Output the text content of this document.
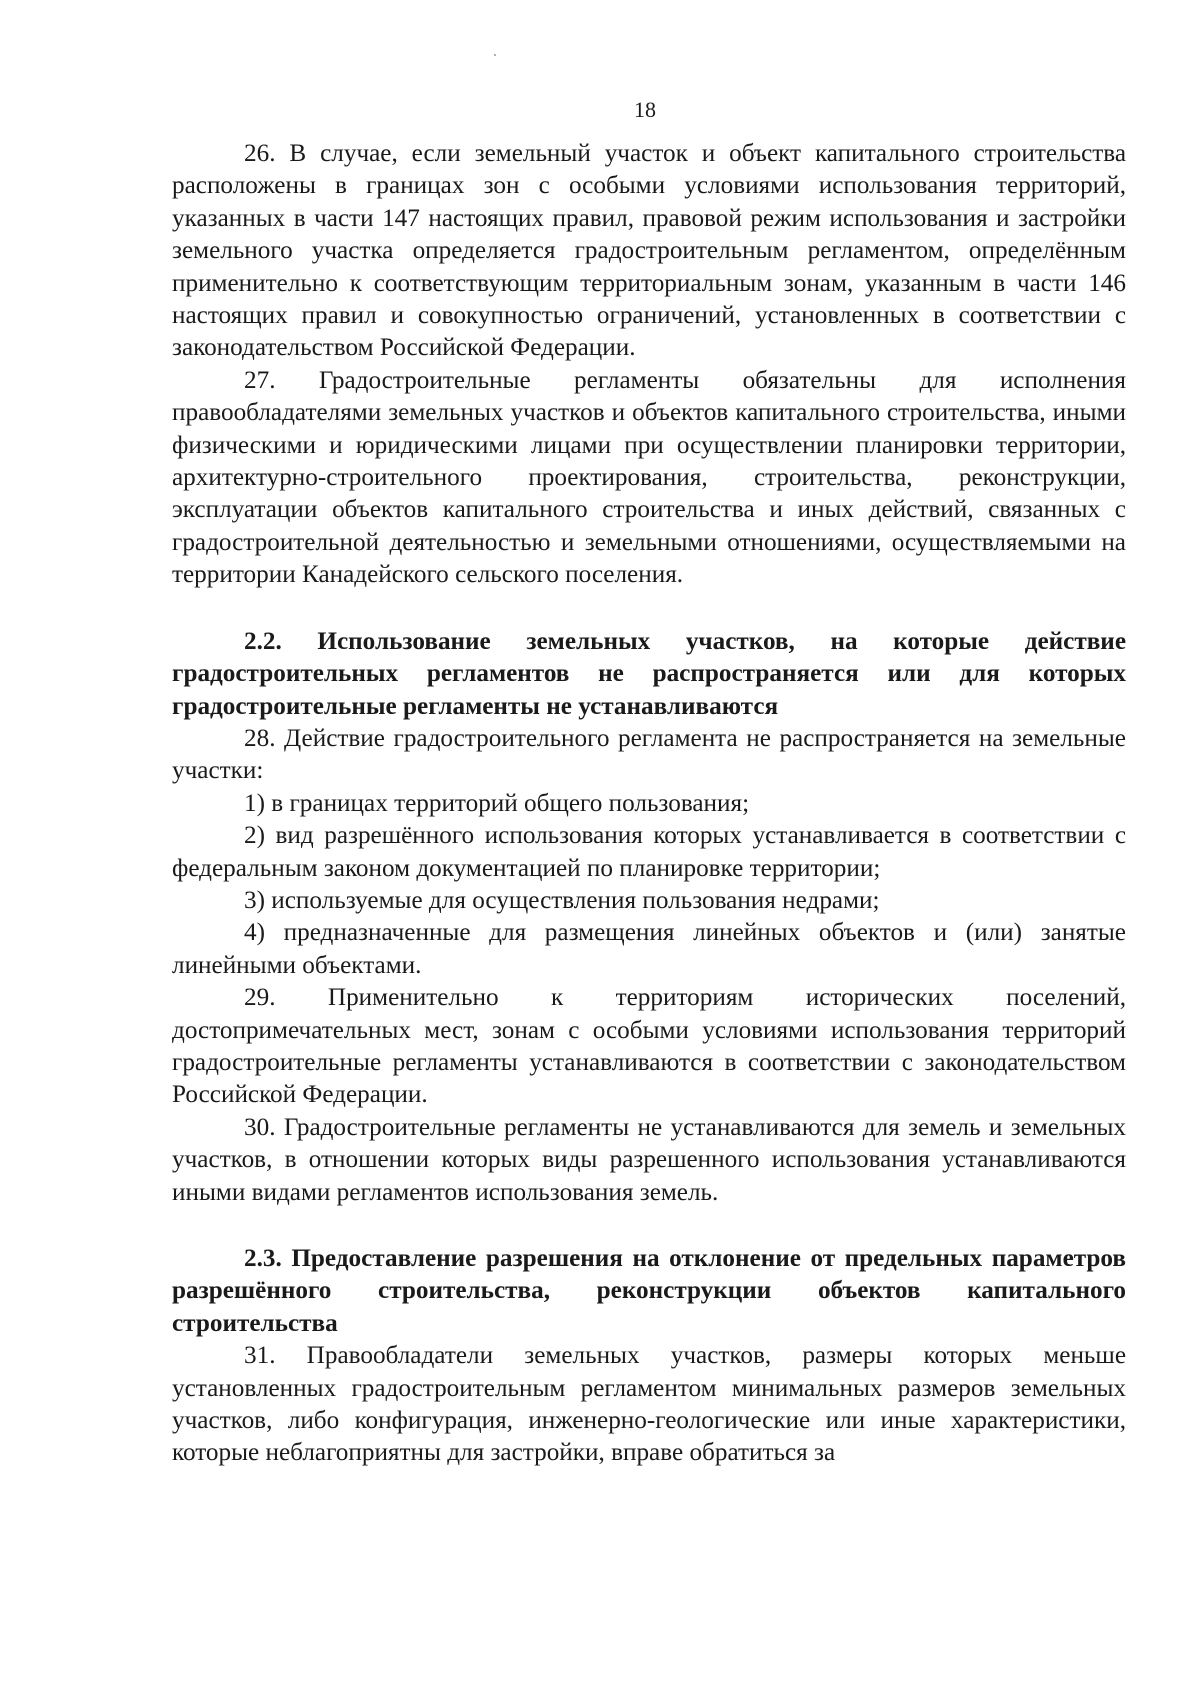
18

26. В случае, если земельный участок и объект капитального строительства расположены в границах зон с особыми условиями использования территорий, указанных в части 147 настоящих правил, правовой режим использования и застройки земельного участка определяется градостроительным регламентом, определённым применительно к соответствующим территориальным зонам, указанным в части 146 настоящих правил и совокупностью ограничений, установленных в соответствии с законодательством Российской Федерации.

27. Градостроительные регламенты обязательны для исполнения правообладателями земельных участков и объектов капитального строительства, иными физическими и юридическими лицами при осуществлении планировки территории, архитектурно-строительного проектирования, строительства, реконструкции, эксплуатации объектов капитального строительства и иных действий, связанных с градостроительной деятельностью и земельными отношениями, осуществляемыми на территории Канадейского сельского поселения.

2.2. Использование земельных участков, на которые действие градостроительных регламентов не распространяется или для которых градостроительные регламенты не устанавливаются

28. Действие градостроительного регламента не распространяется на земельные участки:

1) в границах территорий общего пользования;

2) вид разрешённого использования которых устанавливается в соответствии с федеральным законом документацией по планировке территории;

3) используемые для осуществления пользования недрами;

4) предназначенные для размещения линейных объектов и (или) занятые линейными объектами.

29. Применительно к территориям исторических поселений, достопримечательных мест, зонам с особыми условиями использования территорий градостроительные регламенты устанавливаются в соответствии с законодательством Российской Федерации.

30. Градостроительные регламенты не устанавливаются для земель и земельных участков, в отношении которых виды разрешенного использования устанавливаются иными видами регламентов использования земель.

2.3. Предоставление разрешения на отклонение от предельных параметров разрешённого строительства, реконструкции объектов капитального строительства

31. Правообладатели земельных участков, размеры которых меньше установленных градостроительным регламентом минимальных размеров земельных участков, либо конфигурация, инженерно-геологические или иные характеристики, которые неблагоприятны для застройки, вправе обратиться за
